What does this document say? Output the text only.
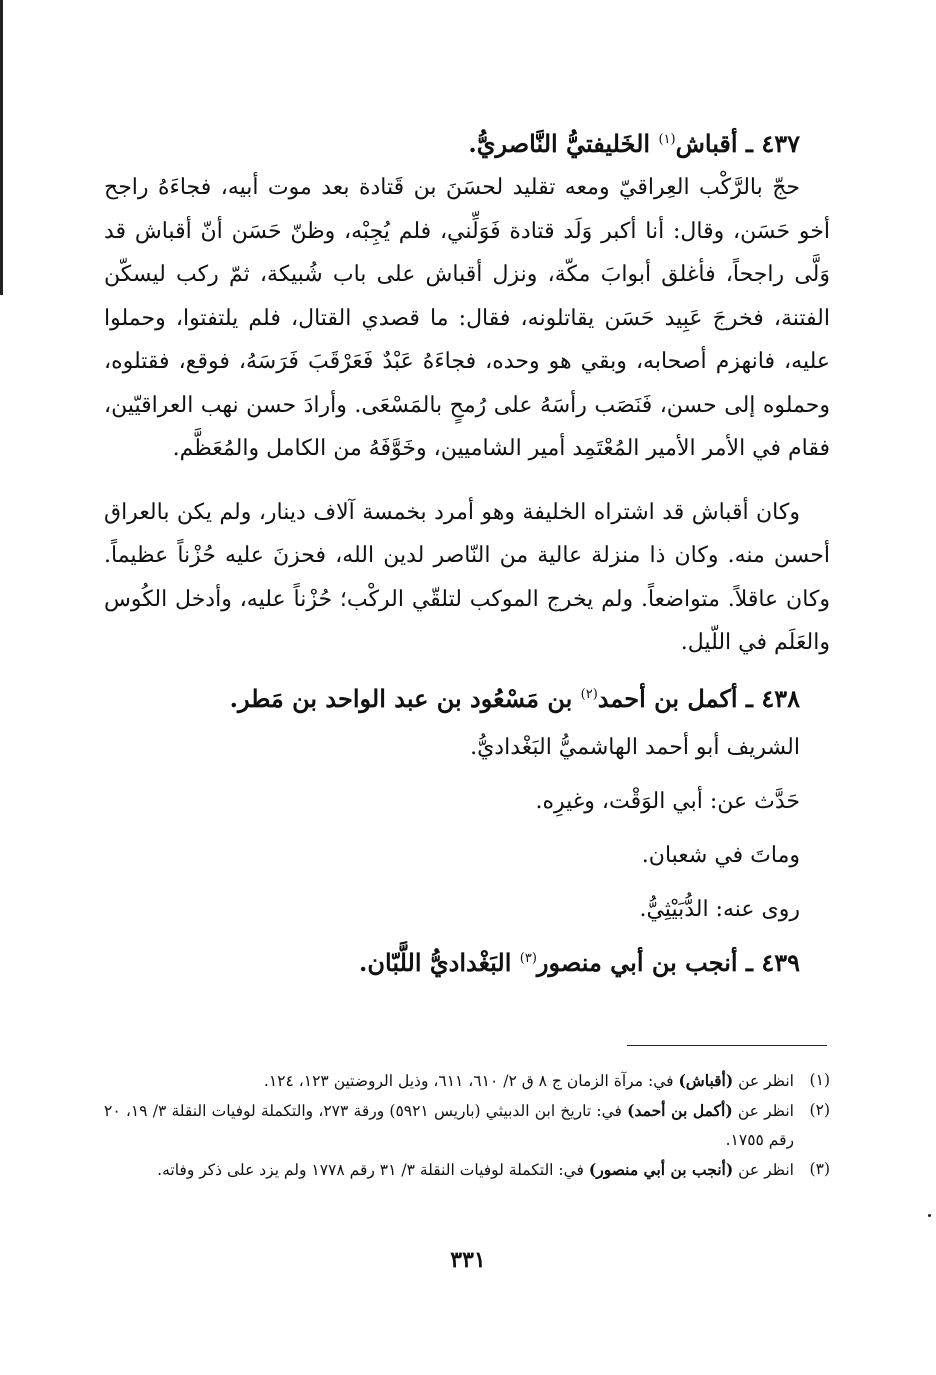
٤٣٧ ـ أقباش$^{(١)}$ الخَليفتيُّ النَّاصريُّ.

حجّ بالرَّكْب العِراقيّ ومعه تقليد لحسَنَ بن قَتادة بعد موت أبيه، فجاءَهُ راجح أخو حَسَن، وقال: أنا أكبر وَلَد قتادة فَوَلِّني، فلم يُجِبْه، وظنّ حَسَن أنّ أقباش قد وَلَّى راجحاً، فأغلق أبوابَ مكّة، ونزل أقباش على باب شُبيكة، ثمّ ركب ليسكّن الفتنة، فخرجَ عَبِيد حَسَن يقاتلونه، فقال: ما قصدي القتال، فلم يلتفتوا، وحملوا عليه، فانهزم أصحابه، وبقي هو وحده، فجاءَهُ عَبْدٌ فَعَرْقَبَ فَرَسَهُ، فوقع، فقتلوه، وحملوه إلى حسن، فَنَصَب رأسَهُ على رُمحٍ بالمَسْعَى. وأرادَ حسن نهب العراقيّين، فقام في الأمر الأمير المُعْتَمِد أمير الشاميين، وخَوَّفَهُ من الكامل والمُعَظَّم.

وكان أقباش قد اشتراه الخليفة وهو أمرد بخمسة آلاف دينار، ولم يكن بالعراق أحسن منه. وكان ذا منزلة عالية من النّاصر لدين الله، فحزنَ عليه حُزْناً عظيماً. وكان عاقلاً. متواضعاً. ولم يخرج الموكب لتلقّي الركْب؛ حُزْناً عليه، وأدخل الكُوس والعَلَم في اللّيل.

٤٣٨ ـ أكمل بن أحمد$^{(٢)}$ بن مَسْعُود بن عبد الواحد بن مَطر.

الشريف أبو أحمد الهاشميُّ البَغْداديُّ.

حَدَّث عن: أبي الوَقْت، وغيرِه.

وماتَ في شعبان.

روى عنه: الدُّبَيْثِيُّ.

٤٣٩ ـ أنجب بن أبي منصور$^{(٣)}$ البَغْداديُّ اللَّبّان.

(١)
انظر عن (أقباش) في: مرآة الزمان ج ٨ ق ٢/ ٦١٠، ٦١١، وذيل الروضتين ١٢٣، ١٢٤.
(٢)
انظر عن (أكمل بن أحمد) في: تاريخ ابن الدبيثي (باريس ٥٩٢١) ورقة ٢٧٣، والتكملة لوفيات النقلة ٣/ ١٩، ٢٠ رقم ١٧٥٥.
(٣)
انظر عن (أنجب بن أبي منصور) في: التكملة لوفيات النقلة ٣/ ٣١ رقم ١٧٧٨ ولم يزد على ذكر وفاته.
٣٣١
